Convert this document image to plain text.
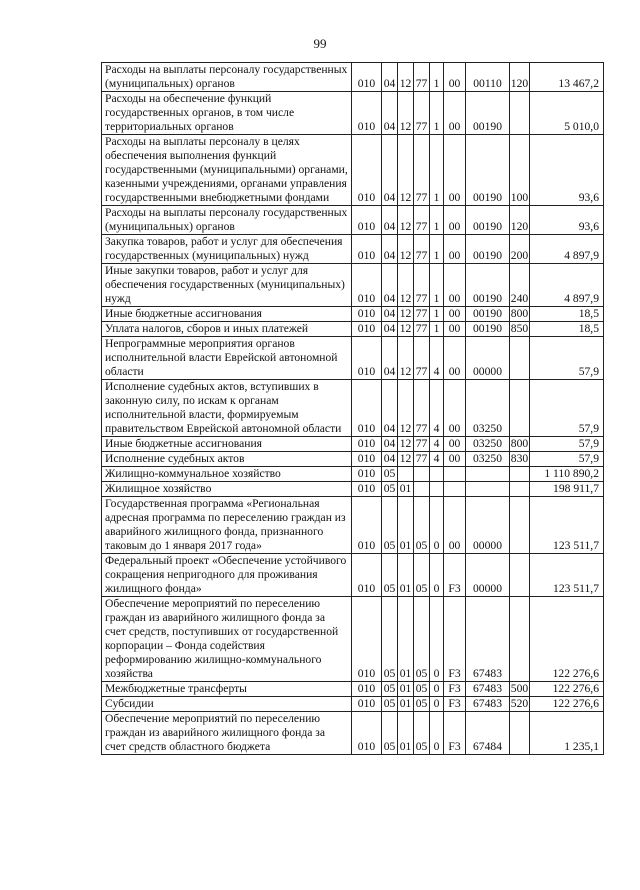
99
Расходы на выплаты персоналу государственных (муниципальных) органов	010	04	12	77	1	00	00110	120	13 467,2
Расходы на обеспечение функций государственных органов, в том числе территориальных органов	010	04	12	77	1	00	00190		5 010,0
Расходы на выплаты персоналу в целях обеспечения выполнения функций государственными (муниципальными) органами, казенными учреждениями, органами управления государственными внебюджетными фондами	010	04	12	77	1	00	00190	100	93,6
Расходы на выплаты персоналу государственных (муниципальных) органов	010	04	12	77	1	00	00190	120	93,6
Закупка товаров, работ и услуг для обеспечения государственных (муниципальных) нужд	010	04	12	77	1	00	00190	200	4 897,9
Иные закупки товаров, работ и услуг для обеспечения государственных (муниципальных) нужд	010	04	12	77	1	00	00190	240	4 897,9
Иные бюджетные ассигнования	010	04	12	77	1	00	00190	800	18,5
Уплата налогов, сборов и иных платежей	010	04	12	77	1	00	00190	850	18,5
Непрограммные мероприятия органов исполнительной власти Еврейской автономной области	010	04	12	77	4	00	00000		57,9
Исполнение судебных актов, вступивших в законную силу, по искам к органам исполнительной власти, формируемым правительством Еврейской автономной области	010	04	12	77	4	00	03250		57,9
Иные бюджетные ассигнования	010	04	12	77	4	00	03250	800	57,9
Исполнение судебных актов	010	04	12	77	4	00	03250	830	57,9
Жилищно-коммунальное хозяйство	010	05							1 110 890,2
Жилищное хозяйство	010	05	01						198 911,7
Государственная программа «Региональная адресная программа по переселению граждан из аварийного жилищного фонда, признанного таковым до 1 января 2017 года»	010	05	01	05	0	00	00000		123 511,7
Федеральный проект «Обеспечение устойчивого сокращения непригодного для проживания жилищного фонда»	010	05	01	05	0	F3	00000		123 511,7
Обеспечение мероприятий по переселению граждан из аварийного жилищного фонда за счет средств, поступивших от государственной корпорации – Фонда содействия реформированию жилищно-коммунального хозяйства	010	05	01	05	0	F3	67483		122 276,6
Межбюджетные трансферты	010	05	01	05	0	F3	67483	500	122 276,6
Субсидии	010	05	01	05	0	F3	67483	520	122 276,6
Обеспечение мероприятий по переселению граждан из аварийного жилищного фонда за счет средств областного бюджета	010	05	01	05	0	F3	67484		1 235,1
